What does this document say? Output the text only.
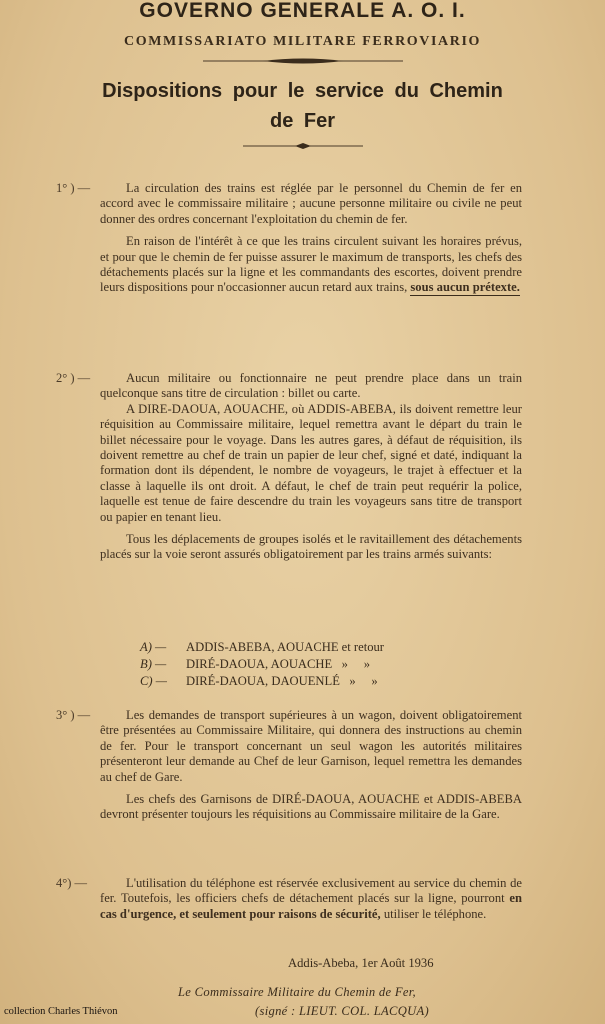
GOVERNO GENERALE A. O. I.
COMMISSARIATO MILITARE FERROVIARIO
Dispositions pour le service du Chemin
de Fer
1° ) —	La circulation des trains est réglée par le personnel du Chemin de fer en accord avec le commissaire militaire ; aucune personne militaire ou civile ne peut donner des ordres concernant l'exploitation du chemin de fer.
En raison de l'intérêt à ce que les trains circulent suivant les horaires prévus, et pour que le chemin de fer puisse assurer le maximum de transports, les chefs des détachements placés sur la ligne et les commandants des escortes, doivent prendre leurs dispositions pour n'occasionner aucun retard aux trains, sous aucun prétexte.
2° ) —	Aucun militaire ou fonctionnaire ne peut prendre place dans un train quelconque sans titre de circulation : billet ou carte.
A DIRE-DAOUA, AOUACHE, où ADDIS-ABEBA, ils doivent remettre leur réquisition au Commissaire militaire, lequel remettra avant le départ du train le billet nécessaire pour le voyage. Dans les autres gares, à défaut de réquisition, ils doivent remettre au chef de train un papier de leur chef, signé et daté, indiquant la formation dont ils dépendent, le nombre de voyageurs, le trajet à effectuer et la classe à laquelle ils ont droit. A défaut, le chef de train peut requérir la police, laquelle est tenue de faire descendre du train les voyageurs sans titre de transport ou papier en tenant lieu.
Tous les déplacements de groupes isolés et le ravitaillement des détachements placés sur la voie seront assurés obligatoirement par les trains armés suivants:
A) — ADDIS-ABEBA, AOUACHE et retour
B) — DIRÉ-DAOUA, AOUACHE   »     »
C) — DIRÉ-DAOUA, DAOUENLÉ   »     »
3° ) —	Les demandes de transport supérieures à un wagon, doivent obligatoirement être présentées au Commissaire Militaire, qui donnera des instructions au chemin de fer. Pour le transport concernant un seul wagon les autorités militaires présenteront leur demande au Chef de leur Garnison, lequel remettra les demandes au chef de Gare.
Les chefs des Garnisons de DIRÉ-DAOUA, AOUACHE et ADDIS-ABEBA devront présenter toujours les réquisitions au Commissaire militaire de la Gare.
4°) —	L'utilisation du téléphone est réservée exclusivement au service du chemin de fer. Toutefois, les officiers chefs de détachement placés sur la ligne, pourront en cas d'urgence, et seulement pour raisons de sécurité, utiliser le téléphone.
Addis-Abeba, 1er Août 1936
Le Commissaire Militaire du Chemin de Fer,
(signé : LIEUT. COL. LACQUA)
collection Charles Thiévon
